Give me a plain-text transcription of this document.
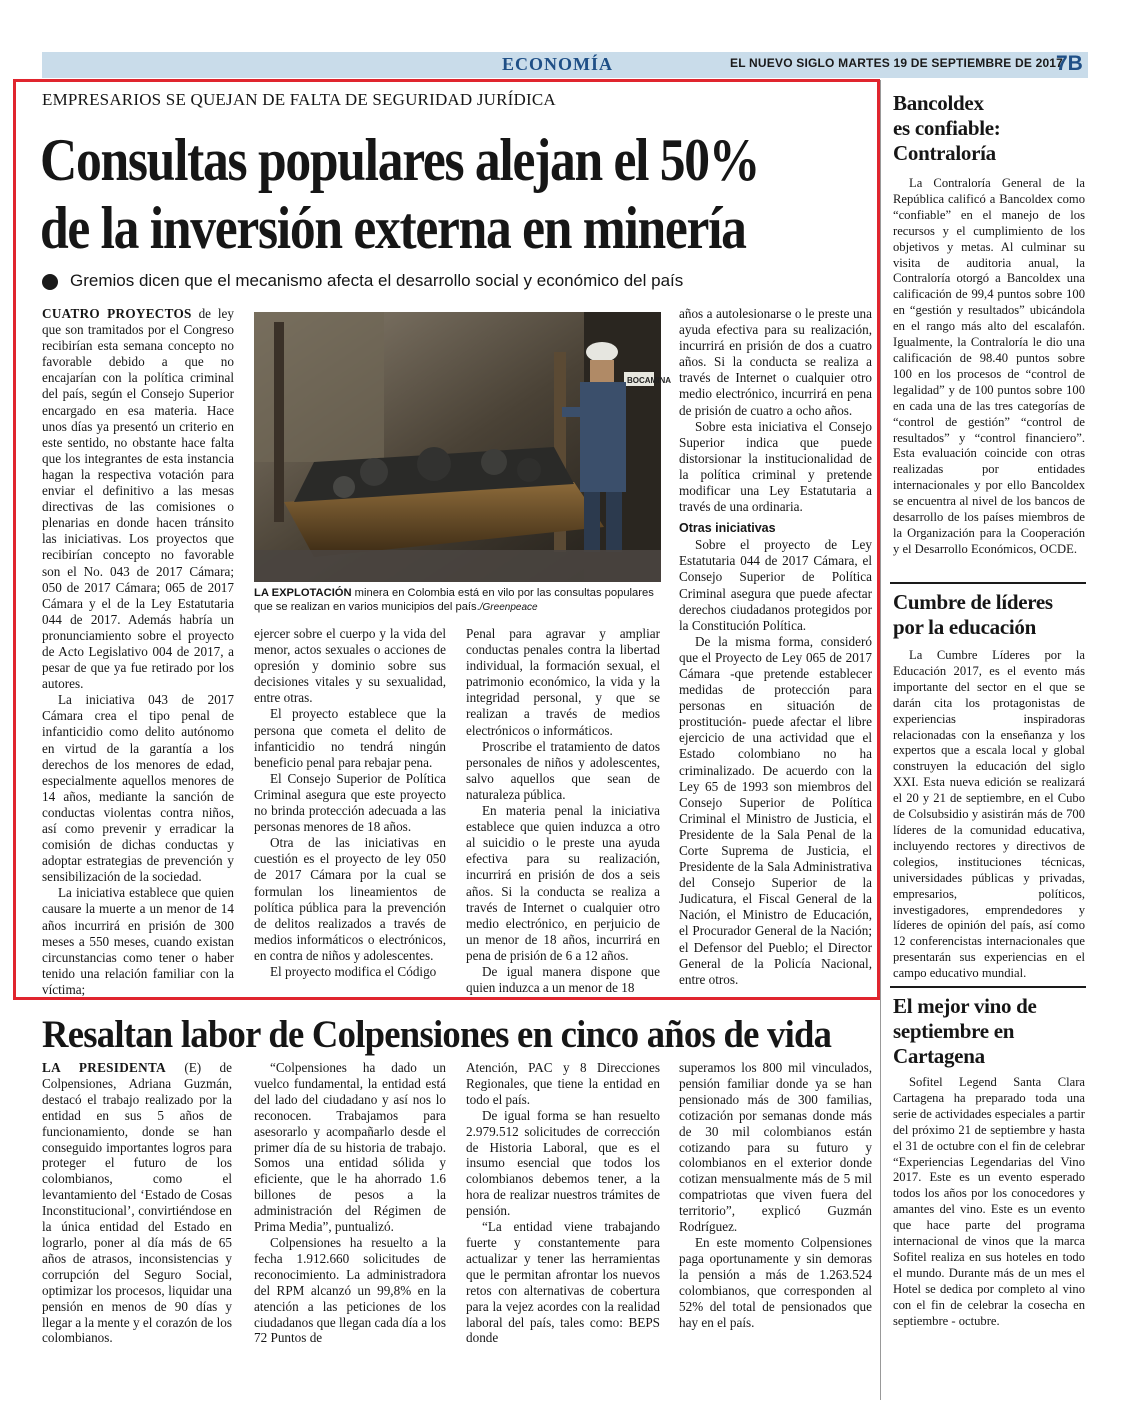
ECONOMÍA	EL NUEVO SIGLO MARTES 19 DE SEPTIEMBRE DE 2017
7B
EMPRESARIOS SE QUEJAN DE FALTA DE SEGURIDAD JURÍDICA
Consultas populares alejan el 50%
de la inversión externa en minería
Gremios dicen que el mecanismo afecta el desarrollo social y económico del país

CUATRO PROYECTOS de ley que son tramitados por el Congreso recibirían esta semana concepto no favorable debido a que no encajarían con la política criminal del país, según el Consejo Superior encargado en esa materia. Hace unos días ya presentó un criterio en este sentido, no obstante hace falta que los integrantes de esta instancia hagan la respectiva votación para enviar el definitivo a las mesas directivas de las comisiones o plenarias en donde hacen tránsito las iniciativas. Los proyectos que recibirían concepto no favorable son el No. 043 de 2017 Cámara; 050 de 2017 Cámara; 065 de 2017 Cámara y el de la Ley Estatutaria 044 de 2017. Además habría un pronunciamiento sobre el proyecto de Acto Legislativo 004 de 2017, a pesar de que ya fue retirado por los autores.

La iniciativa 043 de 2017 Cámara crea el tipo penal de infanticidio como delito autónomo en virtud de la garantía a los derechos de los menores de edad, especialmente aquellos menores de 14 años, mediante la sanción de conductas violentas contra niños, así como prevenir y erradicar la comisión de dichas conductas y adoptar estrategias de prevención y sensibilización de la sociedad.

La iniciativa establece que quien causare la muerte a un menor de 14 años incurrirá en prisión de 300 meses a 550 meses, cuando existan circunstancias como tener o haber tenido una relación familiar con la víctima;

BOCAMINA
LA EXPLOTACIÓN minera en Colombia está en vilo por las consultas populares que se realizan en varios municipios del país./Greenpeace

ejercer sobre el cuerpo y la vida del menor, actos sexuales o acciones de opresión y dominio sobre sus decisiones vitales y su sexualidad, entre otras.

El proyecto establece que la persona que cometa el delito de infanticidio no tendrá ningún beneficio penal para rebajar pena.

El Consejo Superior de Política Criminal asegura que este proyecto no brinda protección adecuada a las personas menores de 18 años.

Otra de las iniciativas en cuestión es el proyecto de ley 050 de 2017 Cámara por la cual se formulan los lineamientos de política pública para la prevención de delitos realizados a través de medios informáticos o electrónicos, en contra de niños y adolescentes.

El proyecto modifica el Código

Penal para agravar y ampliar conductas penales contra la libertad individual, la formación sexual, el patrimonio económico, la vida y la integridad personal, y que se realizan a través de medios electrónicos o informáticos.

Proscribe el tratamiento de datos personales de niños y adolescentes, salvo aquellos que sean de naturaleza pública.

En materia penal la iniciativa establece que quien induzca a otro al suicidio o le preste una ayuda efectiva para su realización, incurrirá en prisión de dos a seis años. Si la conducta se realiza a través de Internet o cualquier otro medio electrónico, en perjuicio de un menor de 18 años, incurrirá en pena de prisión de 6 a 12 años.

De igual manera dispone que quien induzca a un menor de 18

años a autolesionarse o le preste una ayuda efectiva para su realización, incurrirá en prisión de dos a cuatro años. Si la conducta se realiza a través de Internet o cualquier otro medio electrónico, incurrirá en pena de prisión de cuatro a ocho años.

Sobre esta iniciativa el Consejo Superior indica que puede distorsionar la institucionalidad de la política criminal y pretende modificar una Ley Estatutaria a través de una ordinaria.

Otras iniciativas

Sobre el proyecto de Ley Estatutaria 044 de 2017 Cámara, el Consejo Superior de Política Criminal asegura que puede afectar derechos ciudadanos protegidos por la Constitución Política.

De la misma forma, consideró que el Proyecto de Ley 065 de 2017 Cámara -que pretende establecer medidas de protección para personas en situación de prostitución- puede afectar el libre ejercicio de una actividad que el Estado colombiano no ha criminalizado. De acuerdo con la Ley 65 de 1993 son miembros del Consejo Superior de Política Criminal el Ministro de Justicia, el Presidente de la Sala Penal de la Corte Suprema de Justicia, el Presidente de la Sala Administrativa del Consejo Superior de la Judicatura, el Fiscal General de la Nación, el Ministro de Educación, el Procurador General de la Nación; el Defensor del Pueblo; el Director General de la Policía Nacional, entre otros.

Bancoldex
es confiable:
Contraloría

La Contraloría General de la República calificó a Bancoldex como “confiable” en el manejo de los recursos y el cumplimiento de los objetivos y metas. Al culminar su visita de auditoria anual, la Contraloría otorgó a Bancoldex una calificación de 99,4 puntos sobre 100 en “gestión y resultados” ubicándola en el rango más alto del escalafón. Igualmente, la Contraloría le dio una calificación de 98.40 puntos sobre 100 en los procesos de “control de legalidad” y de 100 puntos sobre 100 en cada una de las tres categorías de “control de gestión” “control de resultados” y “control financiero”. Esta evaluación coincide con otras realizadas por entidades internacionales y por ello Bancoldex se encuentra al nivel de los bancos de desarrollo de los países miembros de la Organización para la Cooperación y el Desarrollo Económicos, OCDE.

Cumbre de líderes
por la educación

La Cumbre Líderes por la Educación 2017, es el evento más importante del sector en el que se darán cita los protagonistas de experiencias inspiradoras relacionadas con la enseñanza y los expertos que a escala local y global construyen la educación del siglo XXI. Esta nueva edición se realizará el 20 y 21 de septiembre, en el Cubo de Colsubsidio y asistirán más de 700 líderes de la comunidad educativa, incluyendo rectores y directivos de colegios, instituciones técnicas, universidades públicas y privadas, empresarios, políticos, investigadores, emprendedores y líderes de opinión del país, así como 12 conferencistas internacionales que presentarán sus experiencias en el campo educativo mundial.

El mejor vino de
septiembre en
Cartagena

Sofitel Legend Santa Clara Cartagena ha preparado toda una serie de actividades especiales a partir del próximo 21 de septiembre y hasta el 31 de octubre con el fin de celebrar “Experiencias Legendarias del Vino 2017. Este es un evento esperado todos los años por los conocedores y amantes del vino. Este es un evento que hace parte del programa internacional de vinos que la marca Sofitel realiza en sus hoteles en todo el mundo. Durante más de un mes el Hotel se dedica por completo al vino con el fin de celebrar la cosecha en septiembre - octubre.

Resaltan labor de Colpensiones en cinco años de vida

LA PRESIDENTA (E) de Colpensiones, Adriana Guzmán, destacó el trabajo realizado por la entidad en sus 5 años de funcionamiento, donde se han conseguido importantes logros para proteger el futuro de los colombianos, como el levantamiento del ‘Estado de Cosas Inconstitucional’, convirtiéndose en la única entidad del Estado en lograrlo, poner al día más de 65 años de atrasos, inconsistencias y corrupción del Seguro Social, optimizar los procesos, liquidar una pensión en menos de 90 días y llegar a la mente y el corazón de los colombianos.

“Colpensiones ha dado un vuelco fundamental, la entidad está del lado del ciudadano y así nos lo reconocen. Trabajamos para asesorarlo y acompañarlo desde el primer día de su historia de trabajo. Somos una entidad sólida y eficiente, que le ha ahorrado 1.6 billones de pesos a la administración del Régimen de Prima Media”, puntualizó.

Colpensiones ha resuelto a la fecha 1.912.660 solicitudes de reconocimiento. La administradora del RPM alcanzó un 99,8% en la atención a las peticiones de los ciudadanos que llegan cada día a los 72 Puntos de

Atención, PAC y 8 Direcciones Regionales, que tiene la entidad en todo el país.

De igual forma se han resuelto 2.979.512 solicitudes de corrección de Historia Laboral, que es el insumo esencial que todos los colombianos debemos tener, a la hora de realizar nuestros trámites de pensión.

“La entidad viene trabajando fuerte y constantemente para actualizar y tener las herramientas que le permitan afrontar los nuevos retos con alternativas de cobertura para la vejez acordes con la realidad laboral del país, tales como: BEPS donde

superamos los 800 mil vinculados, pensión familiar donde ya se han pensionado más de 300 familias, cotización por semanas donde más de 30 mil colombianos están cotizando para su futuro y colombianos en el exterior donde cotizan mensualmente más de 5 mil compatriotas que viven fuera del territorio”, explicó Guzmán Rodríguez.

En este momento Colpensiones paga oportunamente y sin demoras la pensión a más de 1.263.524 colombianos, que corresponden al 52% del total de pensionados que hay en el país.
